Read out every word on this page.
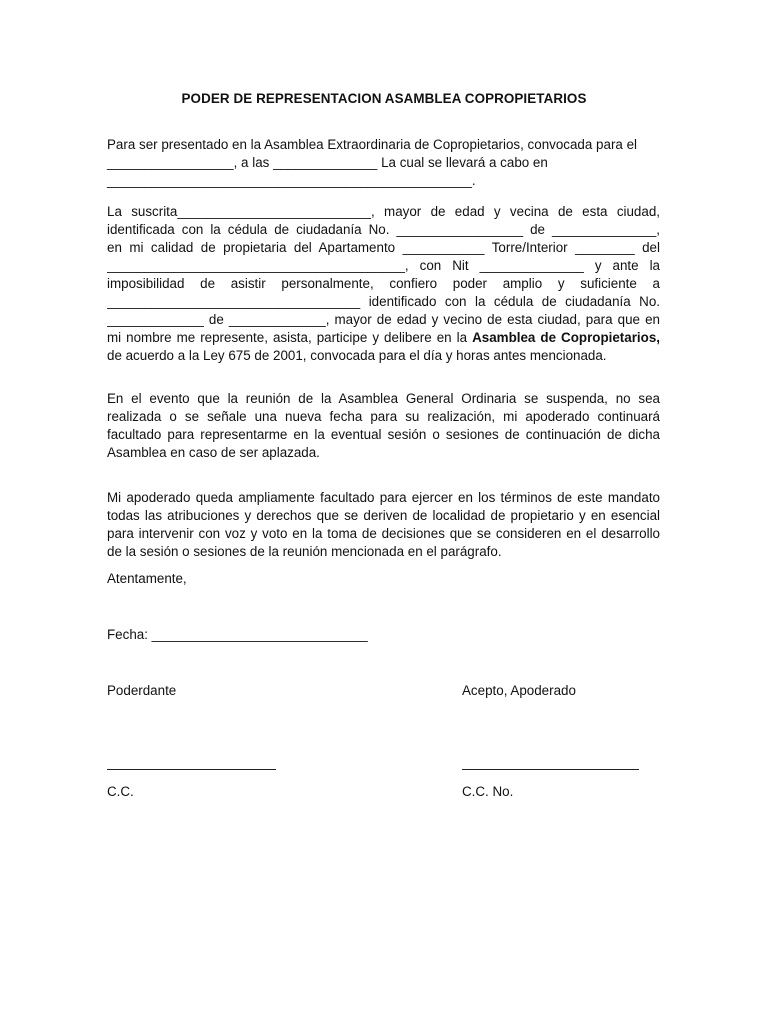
PODER DE REPRESENTACION ASAMBLEA COPROPIETARIOS
Para ser presentado en la Asamblea Extraordinaria de Copropietarios, convocada para el
_________________, a las ______________ La cual se llevará a cabo en
_________________________________________________.
La suscrita__________________________, mayor de edad y vecina de esta ciudad,
identificada con la cédula de ciudadanía No. _________________ de ______________,
en mi calidad de propietaria del Apartamento ___________ Torre/Interior ________ del
________________________________________, con Nit ______________ y ante la
imposibilidad de asistir personalmente, confiero poder amplio y suficiente a
__________________________________ identificado con la cédula de ciudadanía No.
_____________ de _____________, mayor de edad y vecino de esta ciudad, para que en
mi nombre me represente, asista, participe y delibere en la Asamblea de Copropietarios,
de acuerdo a la Ley 675 de 2001, convocada para el día y horas antes mencionada.
En el evento que la reunión de la Asamblea General Ordinaria se suspenda, no sea
realizada o se señale una nueva fecha para su realización, mi apoderado continuará
facultado para representarme en la eventual sesión o sesiones de continuación de dicha
Asamblea en caso de ser aplazada.
Mi apoderado queda ampliamente facultado para ejercer en los términos de este mandato
todas las atribuciones y derechos que se deriven de localidad de propietario y en esencial
para intervenir con voz y voto en la toma de decisiones que se consideren en el desarrollo
de la sesión o sesiones de la reunión mencionada en el parágrafo.
Atentamente,
Fecha: _____________________________
Poderdante	Acepto, Apoderado
C.C.	C.C. No.
